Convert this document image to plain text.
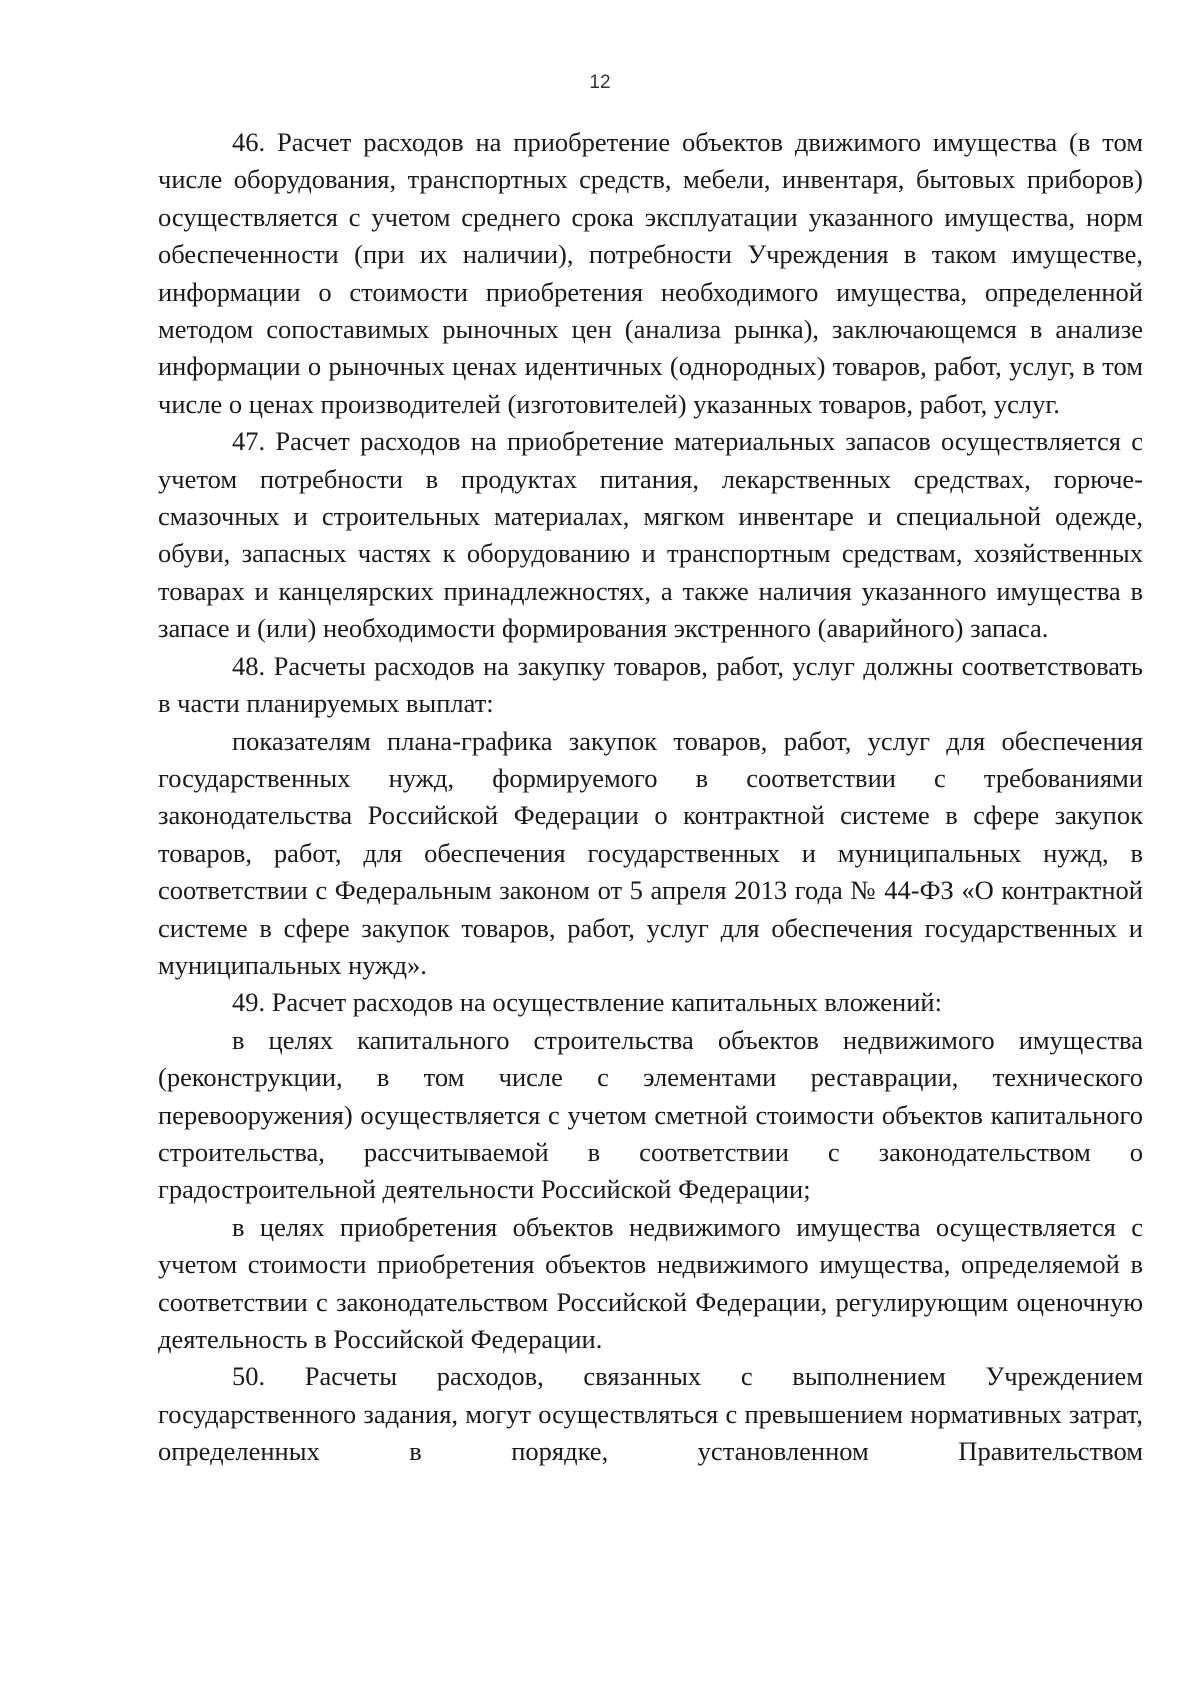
12

46. Расчет расходов на приобретение объектов движимого имущества (в том числе оборудования, транспортных средств, мебели, инвентаря, бытовых приборов) осуществляется с учетом среднего срока эксплуатации указанного имущества, норм обеспеченности (при их наличии), потребности Учреждения в таком имуществе, информации о стоимости приобретения необходимого имущества, определенной методом сопоставимых рыночных цен (анализа рынка), заключающемся в анализе информации о рыночных ценах идентичных (однородных) товаров, работ, услуг, в том числе о ценах производителей (изготовителей) указанных товаров, работ, услуг.

47. Расчет расходов на приобретение материальных запасов осуществляется с учетом потребности в продуктах питания, лекарственных средствах, горюче-смазочных и строительных материалах, мягком инвентаре и специальной одежде, обуви, запасных частях к оборудованию и транспортным средствам, хозяйственных товарах и канцелярских принадлежностях, а также наличия указанного имущества в запасе и (или) необходимости формирования экстренного (аварийного) запаса.

48. Расчеты расходов на закупку товаров, работ, услуг должны соответствовать в части планируемых выплат:

показателям плана-графика закупок товаров, работ, услуг для обеспечения государственных нужд, формируемого в соответствии с требованиями законодательства Российской Федерации о контрактной системе в сфере закупок товаров, работ, для обеспечения государственных и муниципальных нужд, в соответствии с Федеральным законом от 5 апреля 2013 года № 44-ФЗ «О контрактной системе в сфере закупок товаров, работ, услуг для обеспечения государственных и муниципальных нужд».

49. Расчет расходов на осуществление капитальных вложений:

в целях капитального строительства объектов недвижимого имущества (реконструкции, в том числе с элементами реставрации, технического перевооружения) осуществляется с учетом сметной стоимости объектов капитального строительства, рассчитываемой в соответствии с законодательством о градостроительной деятельности Российской Федерации;

в целях приобретения объектов недвижимого имущества осуществляется с учетом стоимости приобретения объектов недвижимого имущества, определяемой в соответствии с законодательством Российской Федерации, регулирующим оценочную деятельность в Российской Федерации.

50. Расчеты расходов, связанных с выполнением Учреждением государственного задания, могут осуществляться с превышением нормативных затрат, определенных в порядке, установленном Правительством
